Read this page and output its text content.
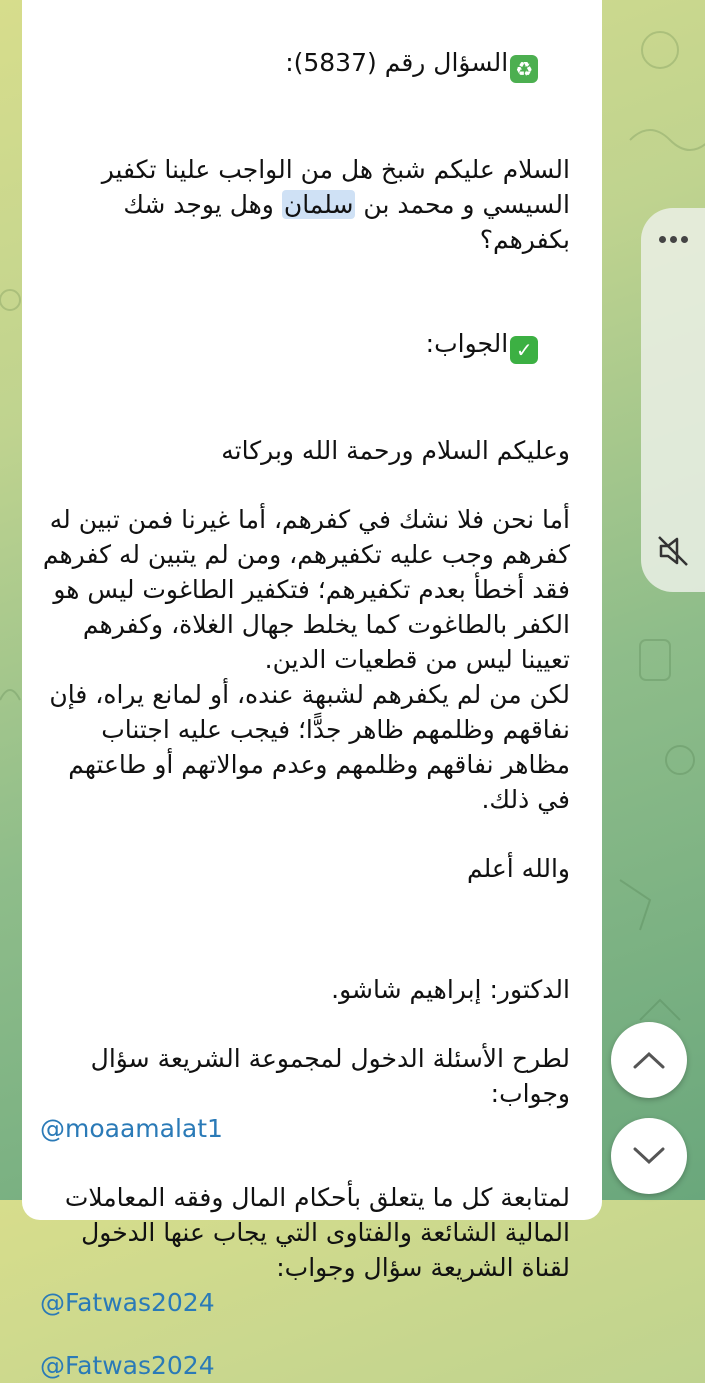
♻السؤال رقم (5837):

السلام عليكم شبخ هل من الواجب علينا تكفير

السيسي و محمد بن سلمان وهل يوجد شك

بكفرهم؟

✓الجواب:

وعليكم السلام ورحمة الله وبركاته

أما نحن فلا نشك في كفرهم، أما غيرنا فمن تبين له

كفرهم وجب عليه تكفيرهم، ومن لم يتبين له كفرهم

فقد أخطأ بعدم تكفيرهم؛ فتكفير الطاغوت ليس هو

الكفر بالطاغوت كما يخلط جهال الغلاة، وكفرهم

تعيينا ليس من قطعيات الدين.

لكن من لم يكفرهم لشبهة عنده، أو لمانع يراه، فإن

نفاقهم وظلمهم ظاهر جدًّا؛ فيجب عليه اجتناب

مظاهر نفاقهم وظلمهم وعدم موالاتهم أو طاعتهم

في ذلك.

والله أعلم

الدكتور: إبراهيم شاشو.

لطرح الأسئلة الدخول لمجموعة الشريعة سؤال

وجواب:

@moaamalat1

لمتابعة كل ما يتعلق بأحكام المال وفقه المعاملات

المالية الشائعة والفتاوى التي يجاب عنها الدخول

لقناة الشريعة سؤال وجواب:

@Fatwas2024

@Fatwas2024
